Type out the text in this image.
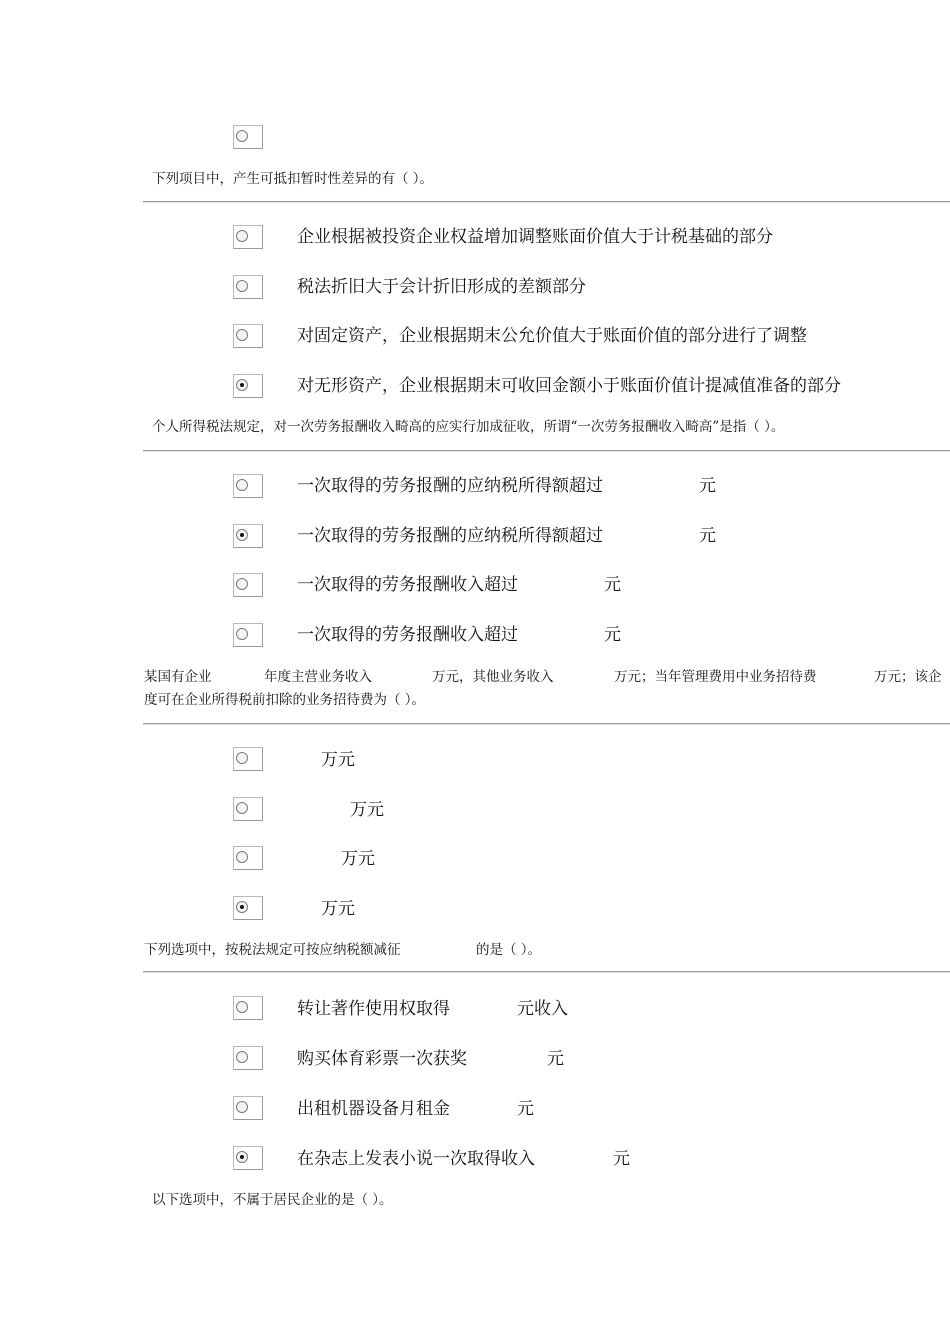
下列项目中，产生可抵扣暂时性差异的有（ ）。
企业根据被投资企业权益增加调整账面价值大于计税基础的部分
税法折旧大于会计折旧形成的差额部分
对固定资产，企业根据期末公允价值大于账面价值的部分进行了调整
对无形资产，企业根据期末可收回金额小于账面价值计提减值准备的部分
个人所得税法规定，对一次劳务报酬收入畸高的应实行加成征收，所谓“一次劳务报酬收入畸高”是指（ ）。
一次取得的劳务报酬的应纳税所得额超过	元
一次取得的劳务报酬的应纳税所得额超过	元
一次取得的劳务报酬收入超过	元
一次取得的劳务报酬收入超过	元
某国有企业	年度主营业务收入	万元，其他业务收入	万元；当年管理费用中业务招待费	万元；该企
度可在企业所得税前扣除的业务招待费为（ ）。
万元
万元
万元
万元
下列选项中，按税法规定可按应纳税额减征	的是（ ）。
转让著作使用权取得	元收入
购买体育彩票一次获奖	元
出租机器设备月租金	元
在杂志上发表小说一次取得收入	元
以下选项中，不属于居民企业的是（ ）。
